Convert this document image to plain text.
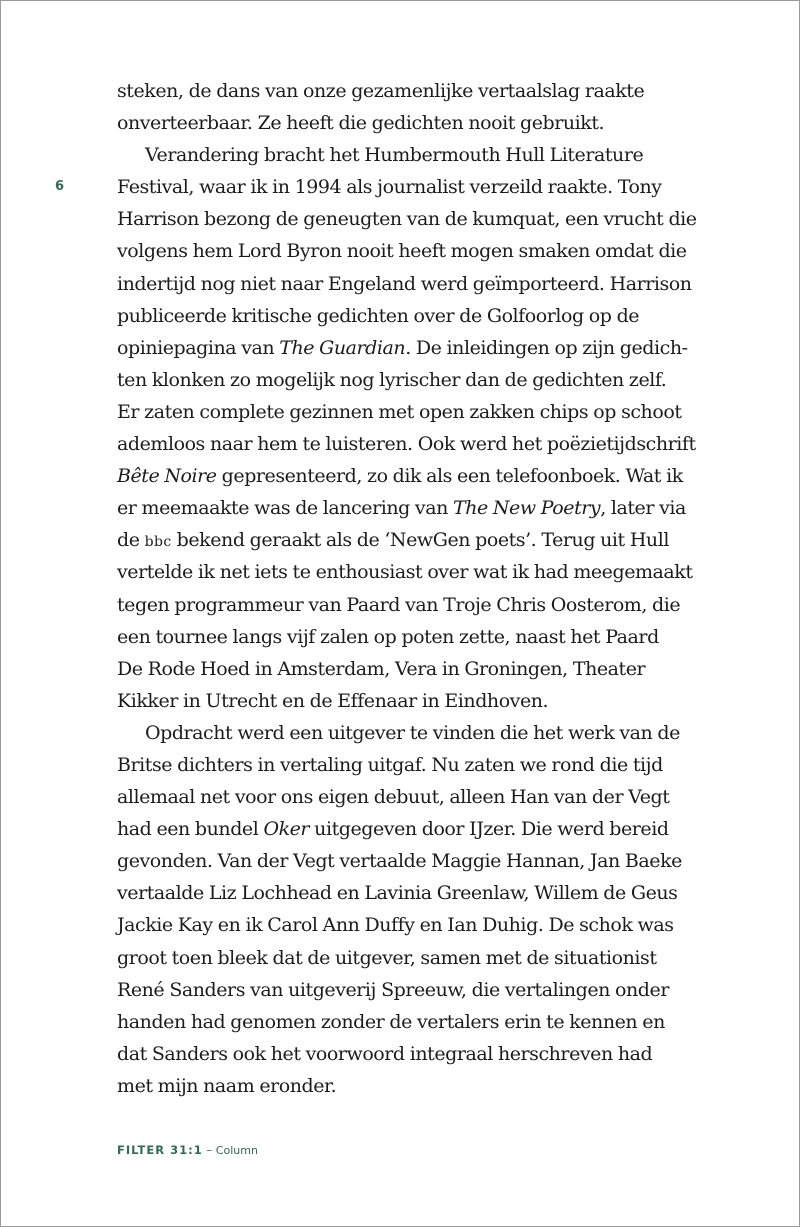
6
steken, de dans van onze gezamenlijke vertaalslag raakte
onverteerbaar. Ze heeft die gedichten nooit gebruikt.
Verandering bracht het Humbermouth Hull Literature
Festival, waar ik in 1994 als journalist verzeild raakte. Tony
Harrison bezong de geneugten van de kumquat, een vrucht die
volgens hem Lord Byron nooit heeft mogen smaken omdat die
indertijd nog niet naar Engeland werd geïmporteerd. Harrison
publiceerde kritische gedichten over de Golfoorlog op de
opiniepagina van The Guardian. De inleidingen op zijn gedich-
ten klonken zo mogelijk nog lyrischer dan de gedichten zelf.
Er zaten complete gezinnen met open zakken chips op schoot
ademloos naar hem te luisteren. Ook werd het poëzietijdschrift
Bête Noire gepresenteerd, zo dik als een telefoonboek. Wat ik
er meemaakte was de lancering van The New Poetry, later via
de bbc bekend geraakt als de ‘NewGen poets’. Terug uit Hull
vertelde ik net iets te enthousiast over wat ik had meegemaakt
tegen programmeur van Paard van Troje Chris Oosterom, die
een tournee langs vijf zalen op poten zette, naast het Paard
De Rode Hoed in Amsterdam, Vera in Groningen, Theater
Kikker in Utrecht en de Effenaar in Eindhoven.
Opdracht werd een uitgever te vinden die het werk van de
Britse dichters in vertaling uitgaf. Nu zaten we rond die tijd
allemaal net voor ons eigen debuut, alleen Han van der Vegt
had een bundel Oker uitgegeven door IJzer. Die werd bereid
gevonden. Van der Vegt vertaalde Maggie Hannan, Jan Baeke
vertaalde Liz Lochhead en Lavinia Greenlaw, Willem de Geus
Jackie Kay en ik Carol Ann Duffy en Ian Duhig. De schok was
groot toen bleek dat de uitgever, samen met de situationist
René Sanders van uitgeverij Spreeuw, die vertalingen onder
handen had genomen zonder de vertalers erin te kennen en
dat Sanders ook het voorwoord integraal herschreven had
met mijn naam eronder.
FILTER 31:1 – Column
